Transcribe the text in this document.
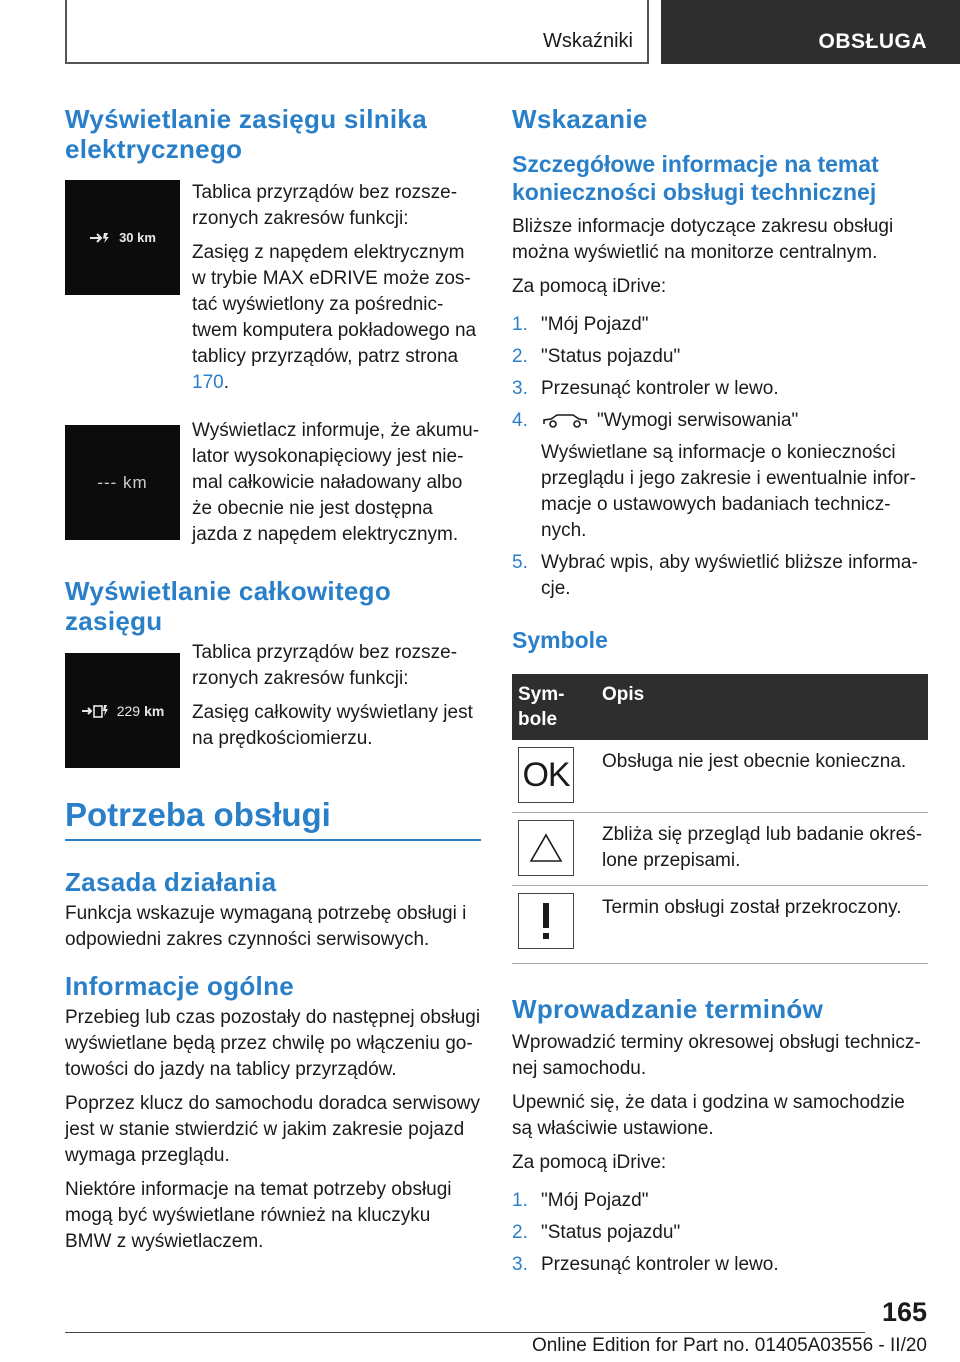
Wskaźniki	OBSŁUGA
Wyświetlanie zasięgu silnika elektrycznego
30 km

Tablica przyrządów bez rozszerzonych zakresów funkcji:

Zasięg z napędem elektrycznym w trybie MAX eDRIVE może zostać wyświetlony za pośrednictwem komputera pokładowego na tablicy przyrządów, patrz strona 170.

--- km

Wyświetlacz informuje, że akumulator wysokonapięciowy jest niemal całkowicie naładowany albo że obecnie nie jest dostępna jazda z napędem elektrycznym.

Wyświetlanie całkowitego zasięgu
229 km

Tablica przyrządów bez rozszerzonych zakresów funkcji:

Zasięg całkowity wyświetlany jest na prędkościomierzu.

Potrzeba obsługi
Zasada działania

Funkcja wskazuje wymaganą potrzebę obsługi i odpowiedni zakres czynności serwisowych.

Informacje ogólne

Przebieg lub czas pozostały do następnej obsługi wyświetlane będą przez chwilę po włączeniu gotowości do jazdy na tablicy przyrządów.

Poprzez klucz do samochodu doradca serwisowy jest w stanie stwierdzić w jakim zakresie pojazd wymaga przeglądu.

Niektóre informacje na temat potrzeby obsługi mogą być wyświetlane również na kluczyku BMW z wyświetlaczem.

Wskazanie
Szczegółowe informacje na temat konieczności obsługi technicznej

Bliższe informacje dotyczące zakresu obsługi można wyświetlić na monitorze centralnym.

Za pomocą iDrive:

1. "Mój Pojazd"
2. "Status pojazdu"
3. Przesunąć kontroler w lewo.
4.	"Wymogi serwisowania"

Wyświetlane są informacje o konieczności przeglądu i jego zakresie i ewentualnie informacje o ustawowych badaniach technicznych.

5. Wybrać wpis, aby wyświetlić bliższe informacje.
Symbole
Symbole	Opis

OK	Obsługa nie jest obecnie konieczna.

	Zbliża się przegląd lub badanie określone przepisami.

	Termin obsługi został przekroczony.
Wprowadzanie terminów

Wprowadzić terminy okresowej obsługi technicznej samochodu.

Upewnić się, że data i godzina w samochodzie są właściwie ustawione.

Za pomocą iDrive:

1. "Mój Pojazd"
2. "Status pojazdu"
3. Przesunąć kontroler w lewo.
165
Online Edition for Part no. 01405A03556 - II/20
